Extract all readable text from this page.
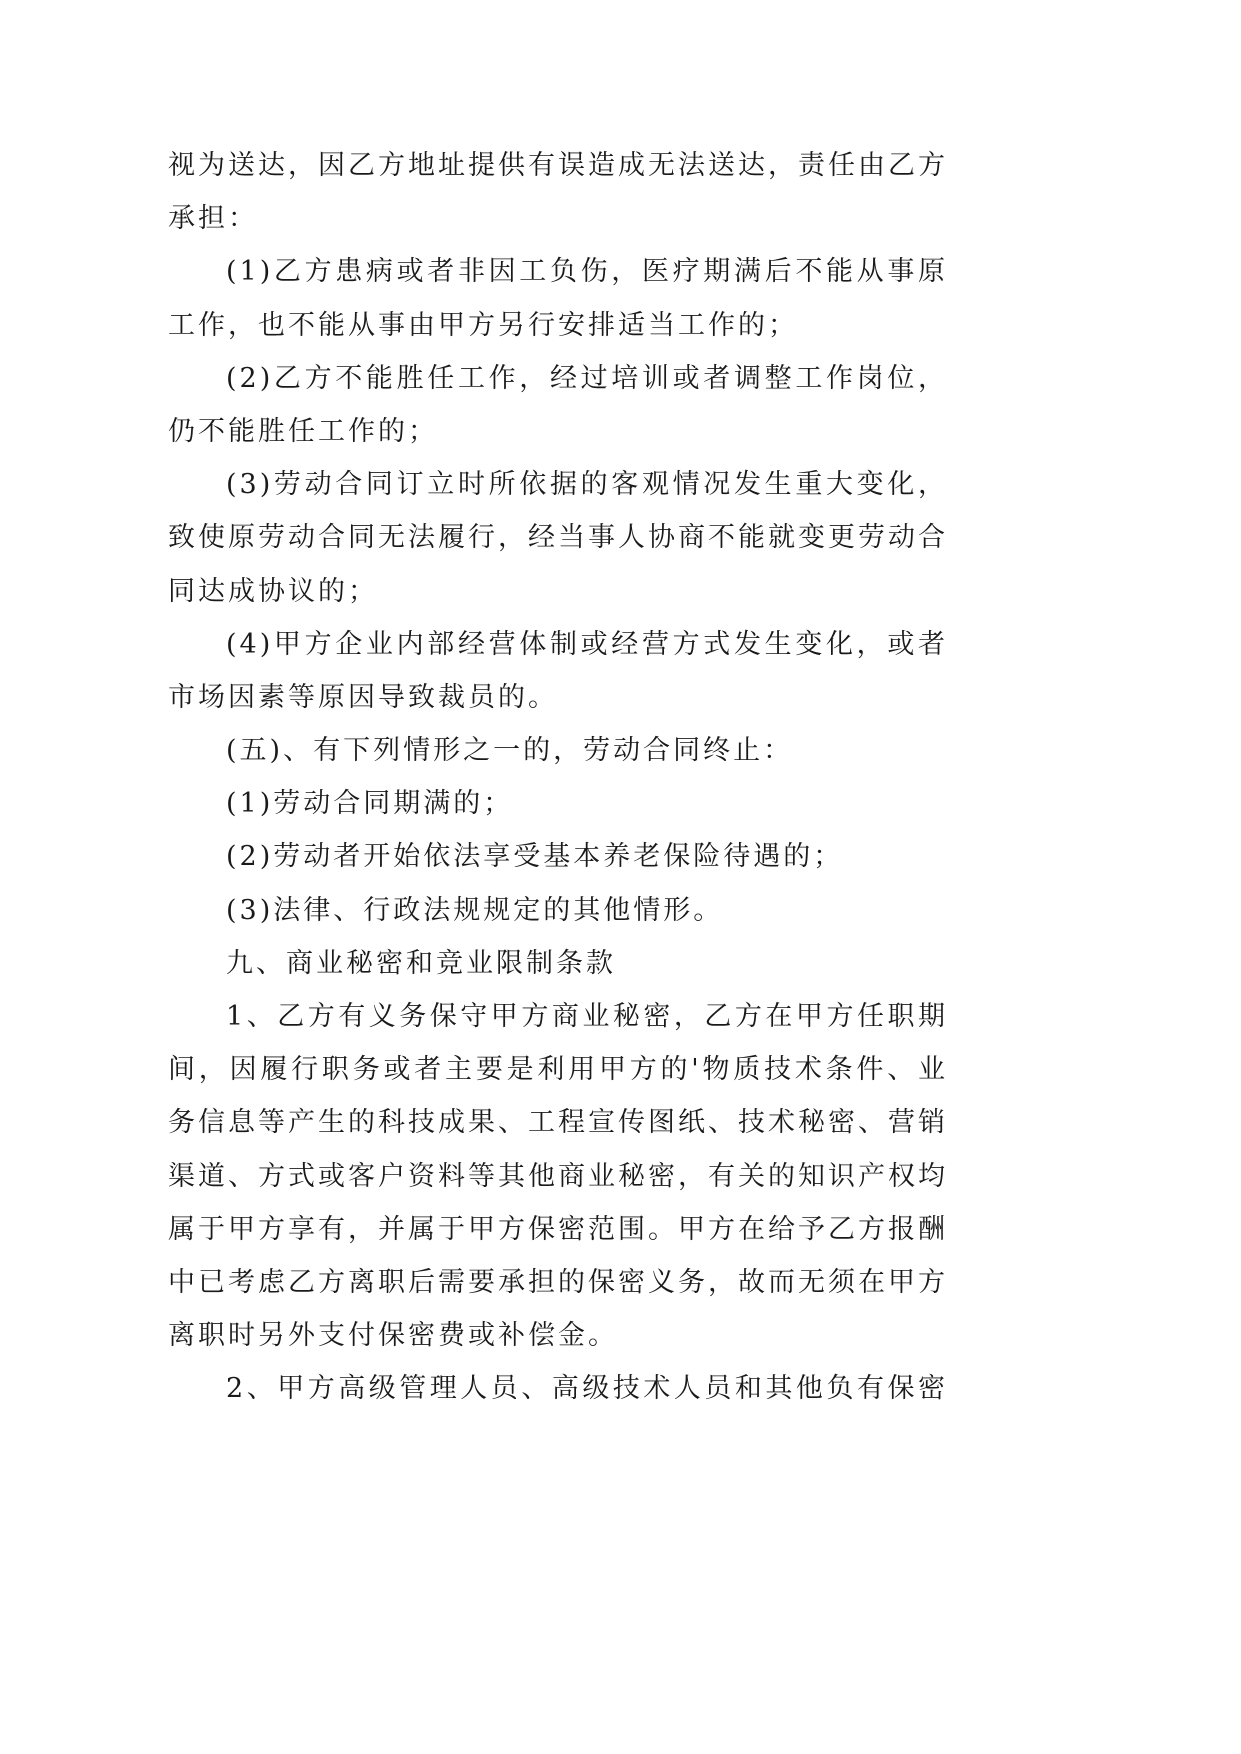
视为送达，因乙方地址提供有误造成无法送达，责任由乙方
承担：
(1)乙方患病或者非因工负伤，医疗期满后不能从事原
工作，也不能从事由甲方另行安排适当工作的；
(2)乙方不能胜任工作，经过培训或者调整工作岗位，
仍不能胜任工作的；
(3)劳动合同订立时所依据的客观情况发生重大变化，
致使原劳动合同无法履行，经当事人协商不能就变更劳动合
同达成协议的；
(4)甲方企业内部经营体制或经营方式发生变化，或者
市场因素等原因导致裁员的。
(五)、有下列情形之一的，劳动合同终止：
(1)劳动合同期满的；
(2)劳动者开始依法享受基本养老保险待遇的；
(3)法律、行政法规规定的其他情形。
九、商业秘密和竞业限制条款
1、乙方有义务保守甲方商业秘密，乙方在甲方任职期
间，因履行职务或者主要是利用甲方的'物质技术条件、业
务信息等产生的科技成果、工程宣传图纸、技术秘密、营销
渠道、方式或客户资料等其他商业秘密，有关的知识产权均
属于甲方享有，并属于甲方保密范围。甲方在给予乙方报酬
中已考虑乙方离职后需要承担的保密义务，故而无须在甲方
离职时另外支付保密费或补偿金。
2、甲方高级管理人员、高级技术人员和其他负有保密
